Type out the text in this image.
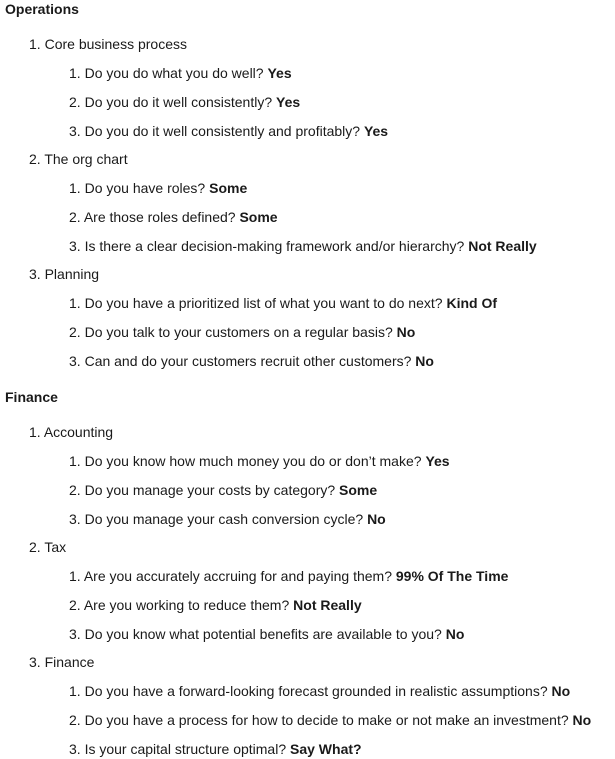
Operations
1. Core business process
1. Do you do what you do well? Yes
2. Do you do it well consistently? Yes
3. Do you do it well consistently and profitably? Yes
2. The org chart
1. Do you have roles? Some
2. Are those roles defined? Some
3. Is there a clear decision-making framework and/or hierarchy? Not Really
3. Planning
1. Do you have a prioritized list of what you want to do next? Kind Of
2. Do you talk to your customers on a regular basis? No
3. Can and do your customers recruit other customers? No
Finance
1. Accounting
1. Do you know how much money you do or don’t make? Yes
2. Do you manage your costs by category? Some
3. Do you manage your cash conversion cycle? No
2. Tax
1. Are you accurately accruing for and paying them? 99% Of The Time
2. Are you working to reduce them? Not Really
3. Do you know what potential benefits are available to you? No
3. Finance
1. Do you have a forward-looking forecast grounded in realistic assumptions? No
2. Do you have a process for how to decide to make or not make an investment? No
3. Is your capital structure optimal? Say What?
